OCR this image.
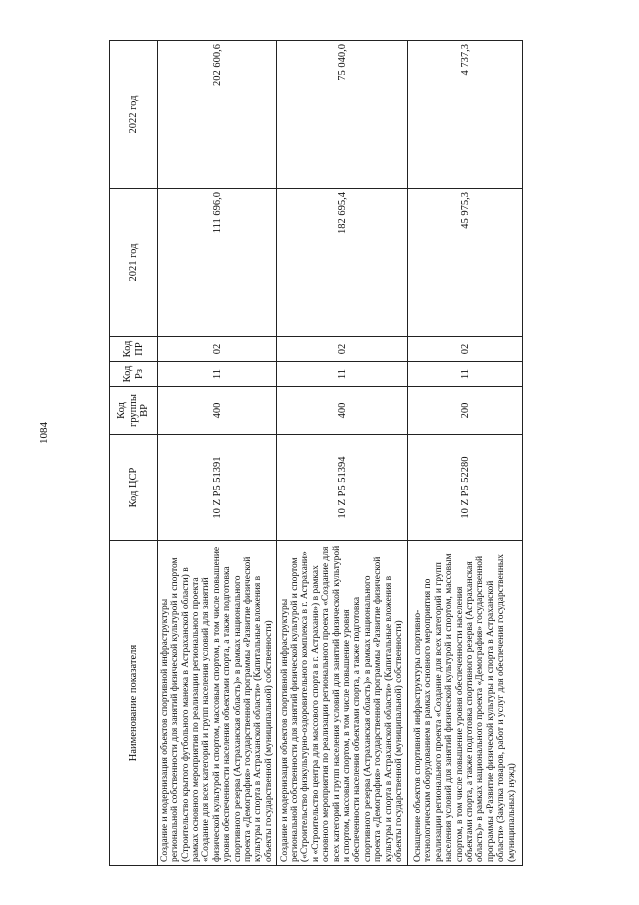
1084
Наименование показателя	Код ЦСР	Код группы ВР	Код Рз	Код ПР	2021 год	2022 год
Создание и модернизация объектов спортивной инфраструктуры региональной собственности для занятий физической культурой и спортом (Строительство крытого футбольного манежа в Астраханской области) в рамках основного мероприятия по реализации регионального проекта «Создание для всех категорий и групп населения условий для занятий физической культурой и спортом, массовым спортом, в том числе повышение уровня обеспеченности населения объектами спорта, а также подготовка спортивного резерва (Астраханская область)» в рамках национального проекта «Демография» государственной программы «Развитие физической культуры и спорта в Астраханской области» (Капитальные вложения в объекты государственной (муниципальной) собственности)	10 Z P5 51391	400	11	02	111 696,0	202 600,6
Создание и модернизация объектов спортивной инфраструктуры региональной собственности для занятий физической культурой и спортом («Строительство физкультурно-оздоровительного комплекса в г. Астрахани» и «Строительство центра для массового спорта в г. Астрахани») в рамках основного мероприятия по реализации регионального проекта «Создание для всех категорий и групп населения условий для занятий физической культурой и спортом, массовым спортом, в том числе повышение уровня обеспеченности населения объектами спорта, а также подготовка спортивного резерва (Астраханская область)» в рамках национального проекта «Демография» государственной программы «Развитие физической культуры и спорта в Астраханской области» (Капитальные вложения в объекты государственной (муниципальной) собственности)	10 Z P5 51394	400	11	02	182 695,4	75 040,0
Оснащение объектов спортивной инфраструктуры спортивно-технологическим оборудованием в рамках основного мероприятия по реализации регионального проекта «Создание для всех категорий и групп населения условий для занятий физической культурой и спортом, массовым спортом, в том числе повышение уровня обеспеченности населения объектами спорта, а также подготовка спортивного резерва (Астраханская область)» в рамках национального проекта «Демография» государственной программы «Развитие физической культуры и спорта в Астраханской области» (Закупка товаров, работ и услуг для обеспечения государственных (муниципальных) нужд)	10 Z P5 52280	200	11	02	45 975,3	4 737,3
